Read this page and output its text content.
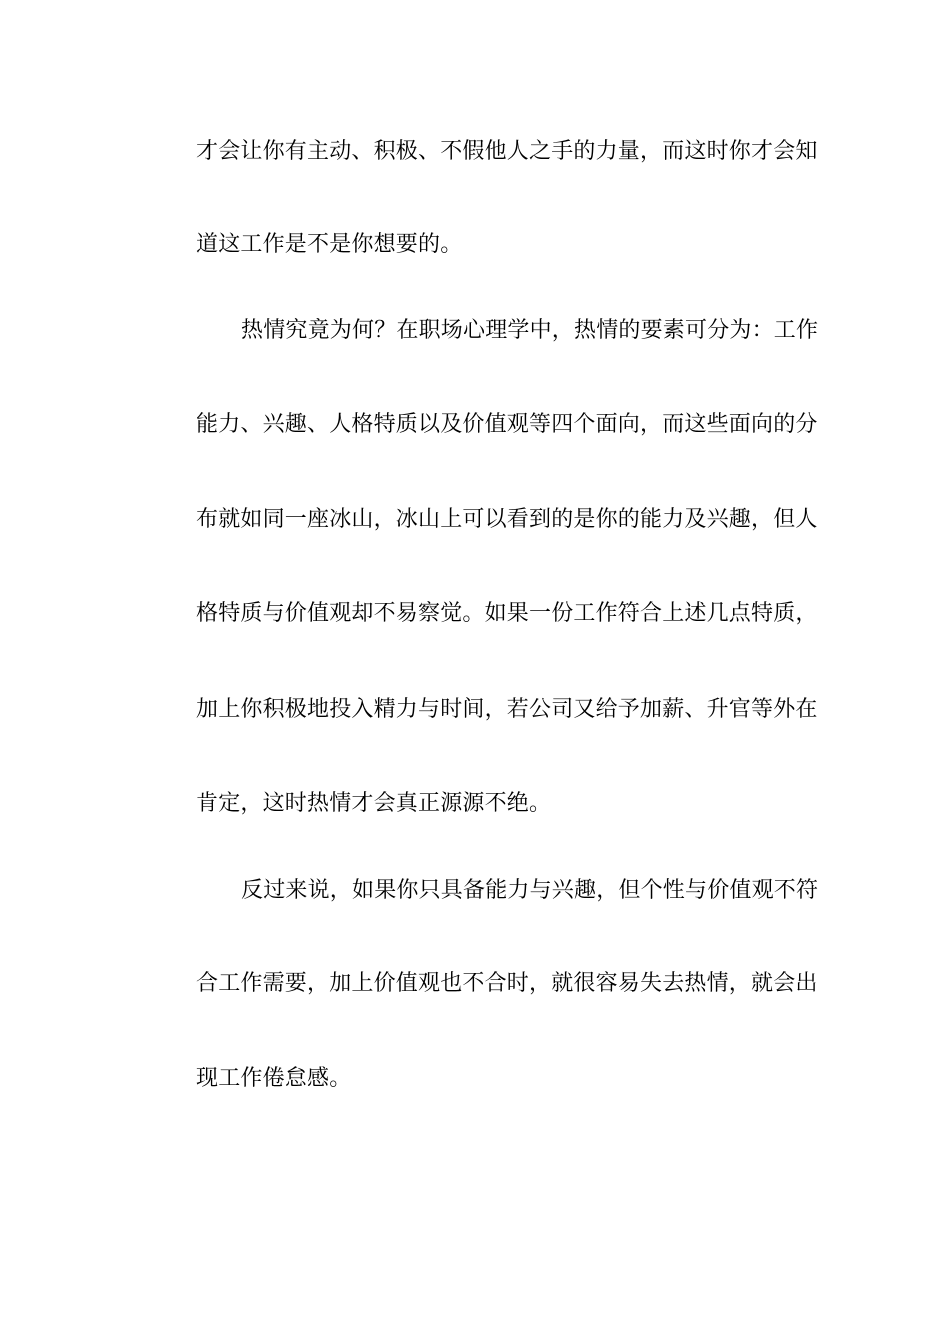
才会让你有主动、积极、不假他人之手的力量，而这时你才会知
道这工作是不是你想要的。
热情究竟为何？在职场心理学中，热情的要素可分为：工作
能力、兴趣、人格特质以及价值观等四个面向，而这些面向的分
布就如同一座冰山，冰山上可以看到的是你的能力及兴趣，但人
格特质与价值观却不易察觉。如果一份工作符合上述几点特质，
加上你积极地投入精力与时间，若公司又给予加薪、升官等外在
肯定，这时热情才会真正源源不绝。
反过来说，如果你只具备能力与兴趣，但个性与价值观不符
合工作需要，加上价值观也不合时，就很容易失去热情，就会出
现工作倦怠感。
